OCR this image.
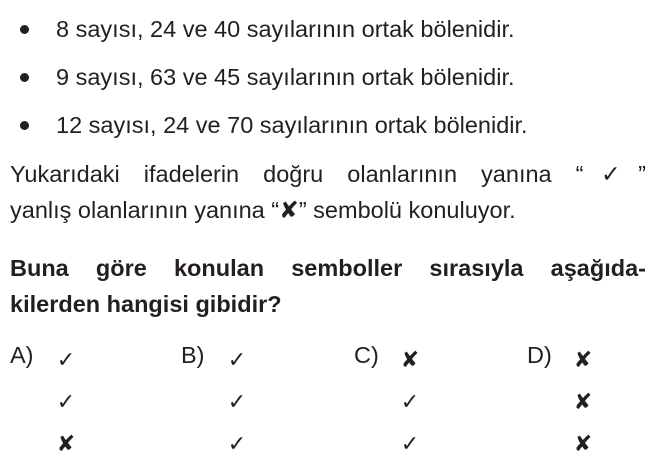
8 sayısı, 24 ve 40 sayılarının ortak bölenidir.
9 sayısı, 63 ve 45 sayılarının ortak bölenidir.
12 sayısı, 24 ve 70 sayılarının ortak bölenidir.
Yukarıdaki ifadelerin doğru olanlarının yanına “✓”
yanlış olanlarının yanına “✘” sembolü konuluyor.
Buna göre konulan semboller sırasıyla aşağıda-
kilerden hangisi gibidir?
A) ✓
✓
✘
B) ✓
✓
✓
C) ✘
✓
✓
D) ✘
✘
✘
